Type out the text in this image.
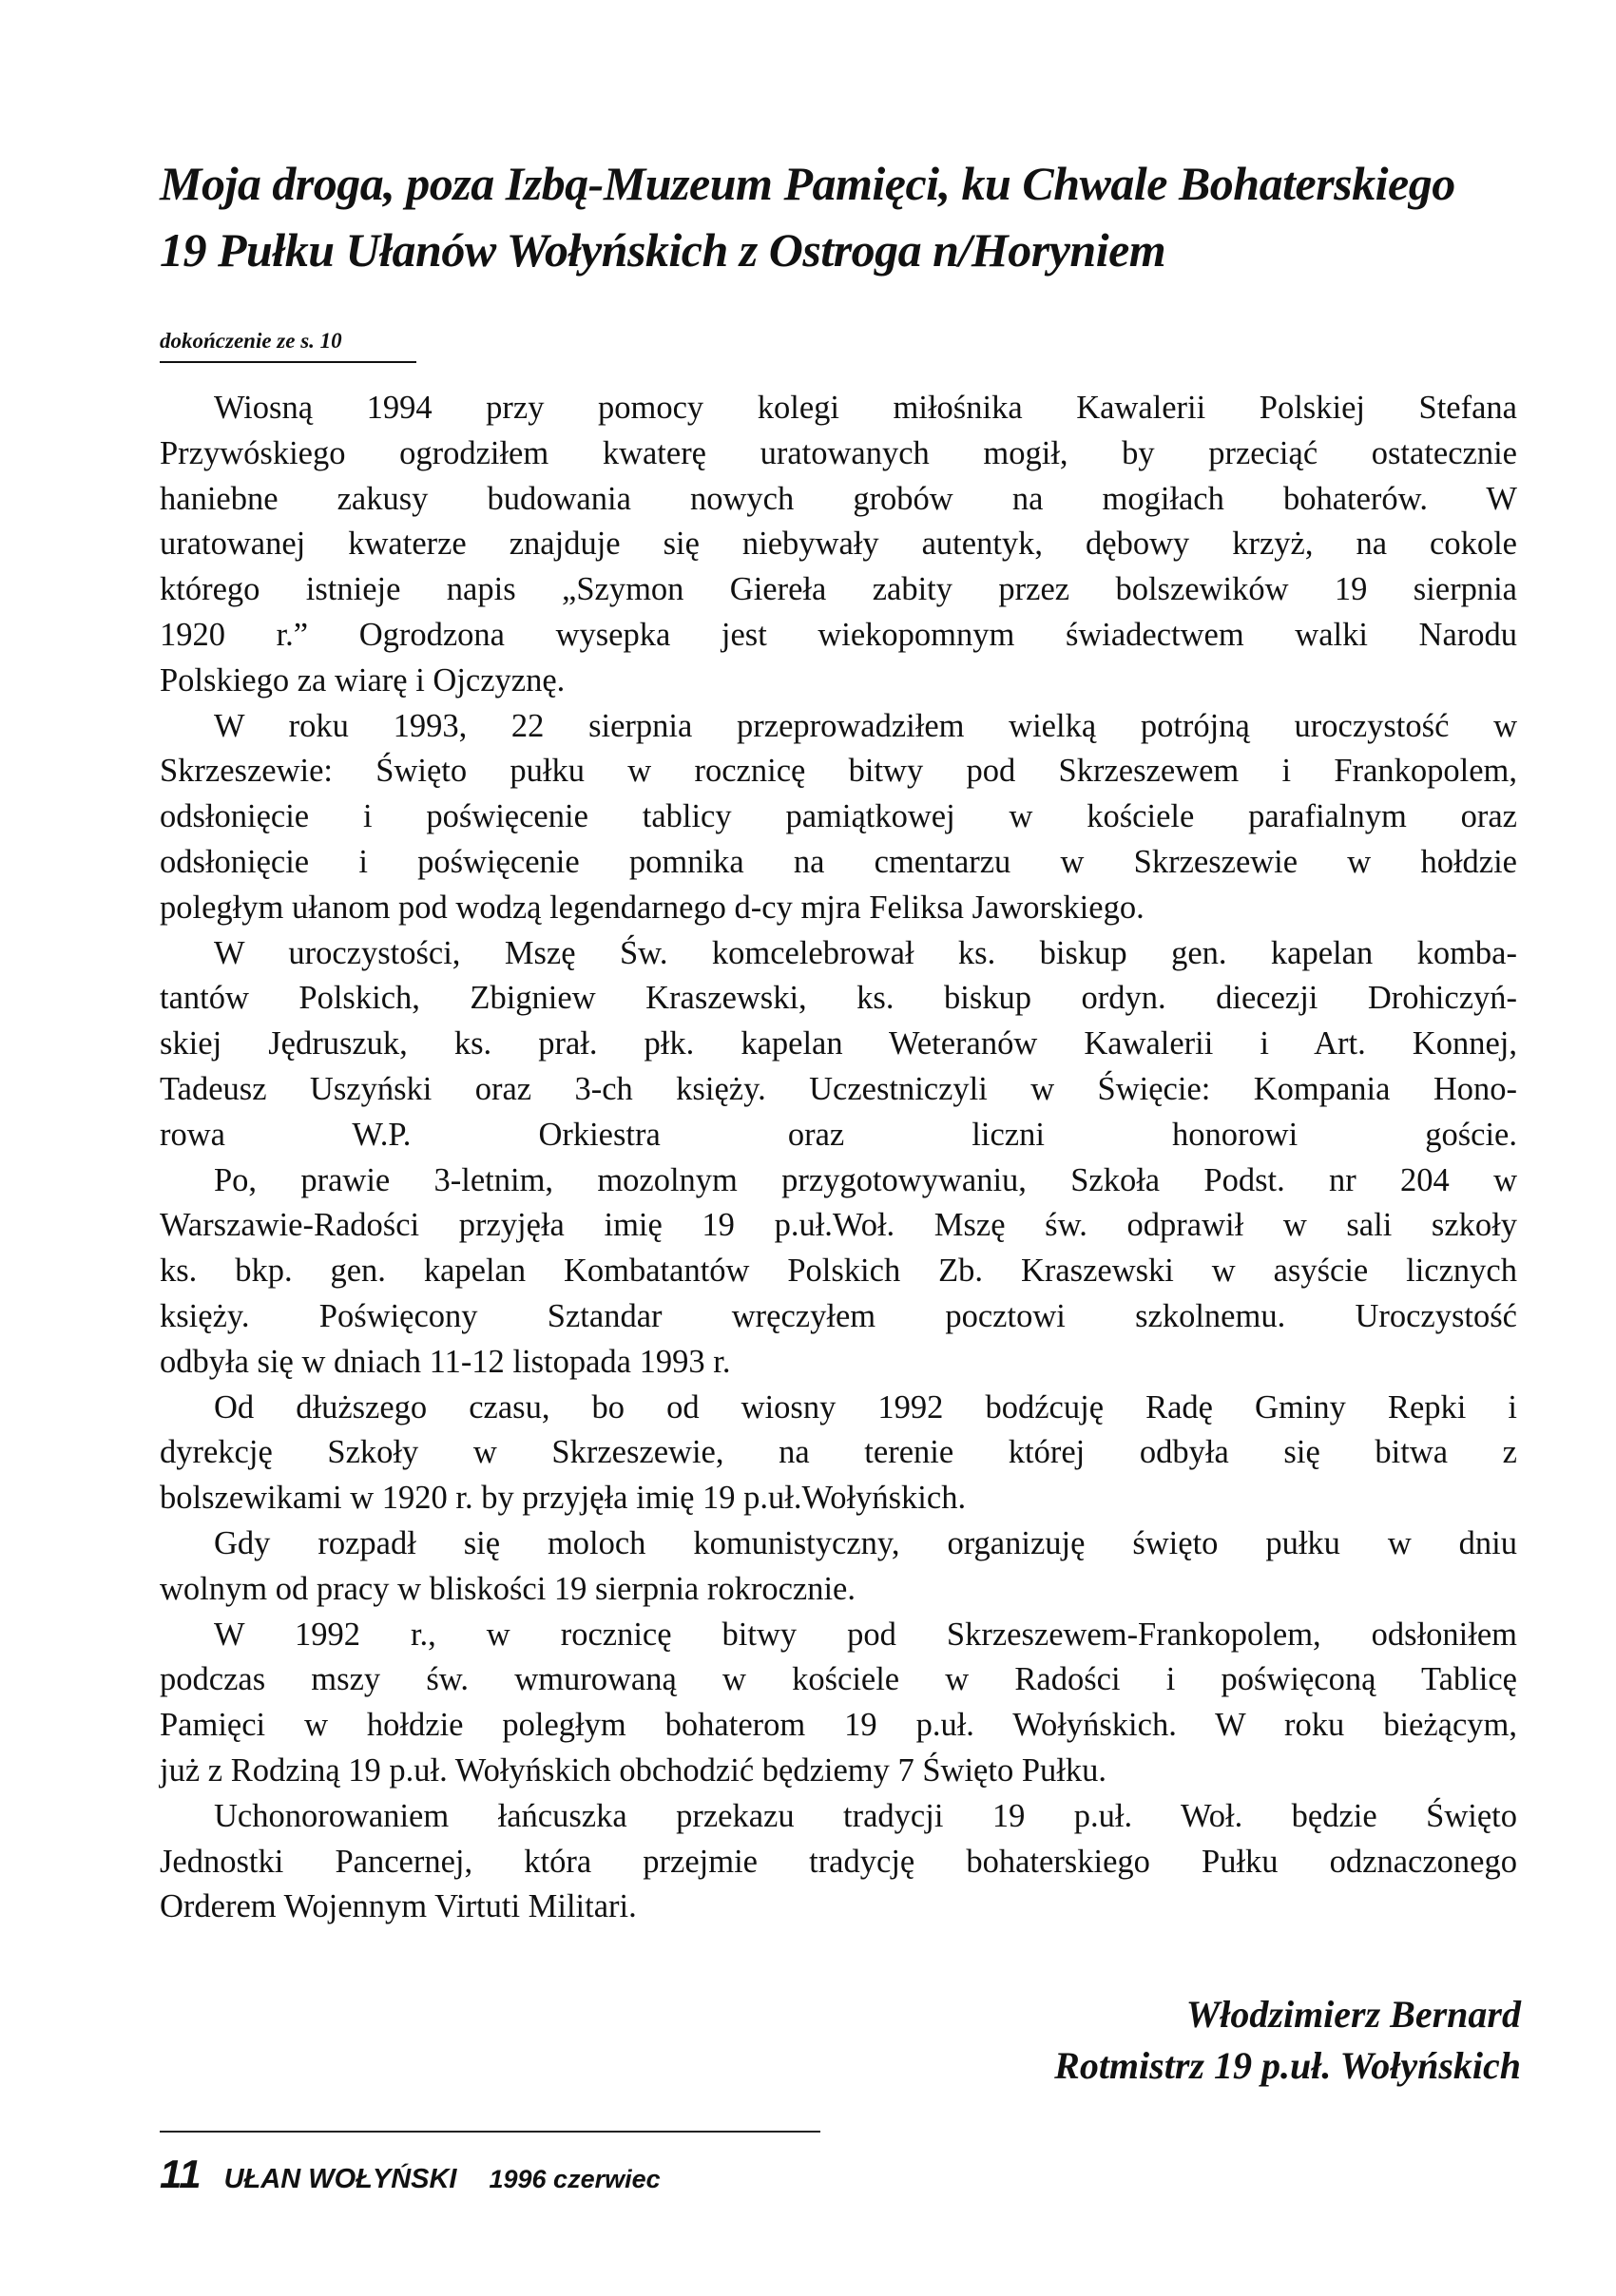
Moja droga, poza Izbą-Muzeum Pamięci, ku Chwale Bohaterskiego
19 Pułku Ułanów Wołyńskich z Ostroga n/Horyniem
dokończenie ze s. 10
Wiosną 1994 przy pomocy kolegi miłośnika Kawalerii Polskiej Stefana
Przywóskiego ogrodziłem kwaterę uratowanych mogił, by przeciąć ostatecznie
haniebne zakusy budowania nowych grobów na mogiłach bohaterów. W
uratowanej kwaterze znajduje się niebywały autentyk, dębowy krzyż, na cokole
którego istnieje napis „Szymon Giereła zabity przez bolszewików 19 sierpnia
1920 r.” Ogrodzona wysepka jest wiekopomnym świadectwem walki Narodu
Polskiego za wiarę i Ojczyznę.
W roku 1993, 22 sierpnia przeprowadziłem wielką potrójną uroczystość w
Skrzeszewie: Święto pułku w rocznicę bitwy pod Skrzeszewem i Frankopolem,
odsłonięcie i poświęcenie tablicy pamiątkowej w kościele parafialnym oraz
odsłonięcie i poświęcenie pomnika na cmentarzu w Skrzeszewie w hołdzie
poległym ułanom pod wodzą legendarnego d-cy mjra Feliksa Jaworskiego.
W uroczystości, Mszę Św. komcelebrował ks. biskup gen. kapelan komba-
tantów Polskich, Zbigniew Kraszewski, ks. biskup ordyn. diecezji Drohiczyń-
skiej Jędruszuk, ks. prał. płk. kapelan Weteranów Kawalerii i Art. Konnej,
Tadeusz Uszyński oraz 3-ch księży. Uczestniczyli w Święcie: Kompania Hono-
rowa W.P. Orkiestra oraz liczni honorowi goście.
Po, prawie 3-letnim, mozolnym przygotowywaniu, Szkoła Podst. nr 204 w
Warszawie-Radości przyjęła imię 19 p.uł.Woł. Mszę św. odprawił w sali szkoły
ks. bkp. gen. kapelan Kombatantów Polskich Zb. Kraszewski w asyście licznych
księży. Poświęcony Sztandar wręczyłem pocztowi szkolnemu. Uroczystość
odbyła się w dniach 11-12 listopada 1993 r.
Od dłuższego czasu, bo od wiosny 1992 bodźcuję Radę Gminy Repki i
dyrekcję Szkoły w Skrzeszewie, na terenie której odbyła się bitwa z
bolszewikami w 1920 r. by przyjęła imię 19 p.uł.Wołyńskich.
Gdy rozpadł się moloch komunistyczny, organizuję święto pułku w dniu
wolnym od pracy w bliskości 19 sierpnia rokrocznie.
W 1992 r., w rocznicę bitwy pod Skrzeszewem-Frankopolem, odsłoniłem
podczas mszy św. wmurowaną w kościele w Radości i poświęconą Tablicę
Pamięci w hołdzie poległym bohaterom 19 p.uł. Wołyńskich. W roku bieżącym,
już z Rodziną 19 p.uł. Wołyńskich obchodzić będziemy 7 Święto Pułku.
Uchonorowaniem łańcuszka przekazu tradycji 19 p.uł. Woł. będzie Święto
Jednostki Pancernej, która przejmie tradycję bohaterskiego Pułku odznaczonego
Orderem Wojennym Virtuti Militari.
Włodzimierz Bernard
Rotmistrz 19 p.uł. Wołyńskich
11 UŁAN WOŁYŃSKI 1996 czerwiec
